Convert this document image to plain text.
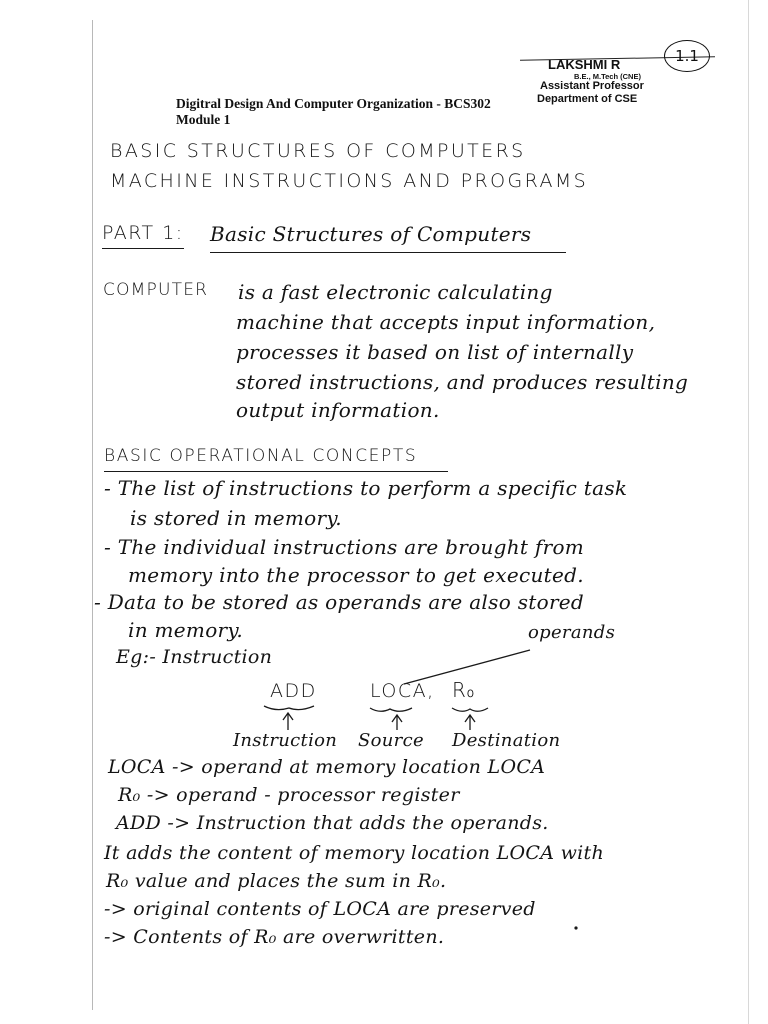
LAKSHMI R
B.E., M.Tech (CNE)
Assistant Professor
Department of CSE
1.1
Digitral Design And Computer Organization - BCS302
Module 1
BASIC STRUCTURES OF COMPUTERS
MACHINE INSTRUCTIONS AND PROGRAMS
PART 1: Basic Structures of Computers
COMPUTER is a fast electronic calculating
machine that accepts input information,
processes it based on list of internally
stored instructions, and produces resulting
output information.
BASIC OPERATIONAL CONCEPTS
- The list of instructions to perform a specific task
is stored in memory.
- The individual instructions are brought from
memory into the processor to get executed.
- Data to be stored as operands are also stored
in memory.
Eg:- Instruction
operands
ADD	LOCA, R₀
Instruction Source Destination
LOCA -> operand at memory location LOCA
R₀ -> operand - processor register
ADD -> Instruction that adds the operands.
It adds the content of memory location LOCA with
R₀ value and places the sum in R₀.
-> original contents of LOCA are preserved
-> Contents of R₀ are overwritten.
